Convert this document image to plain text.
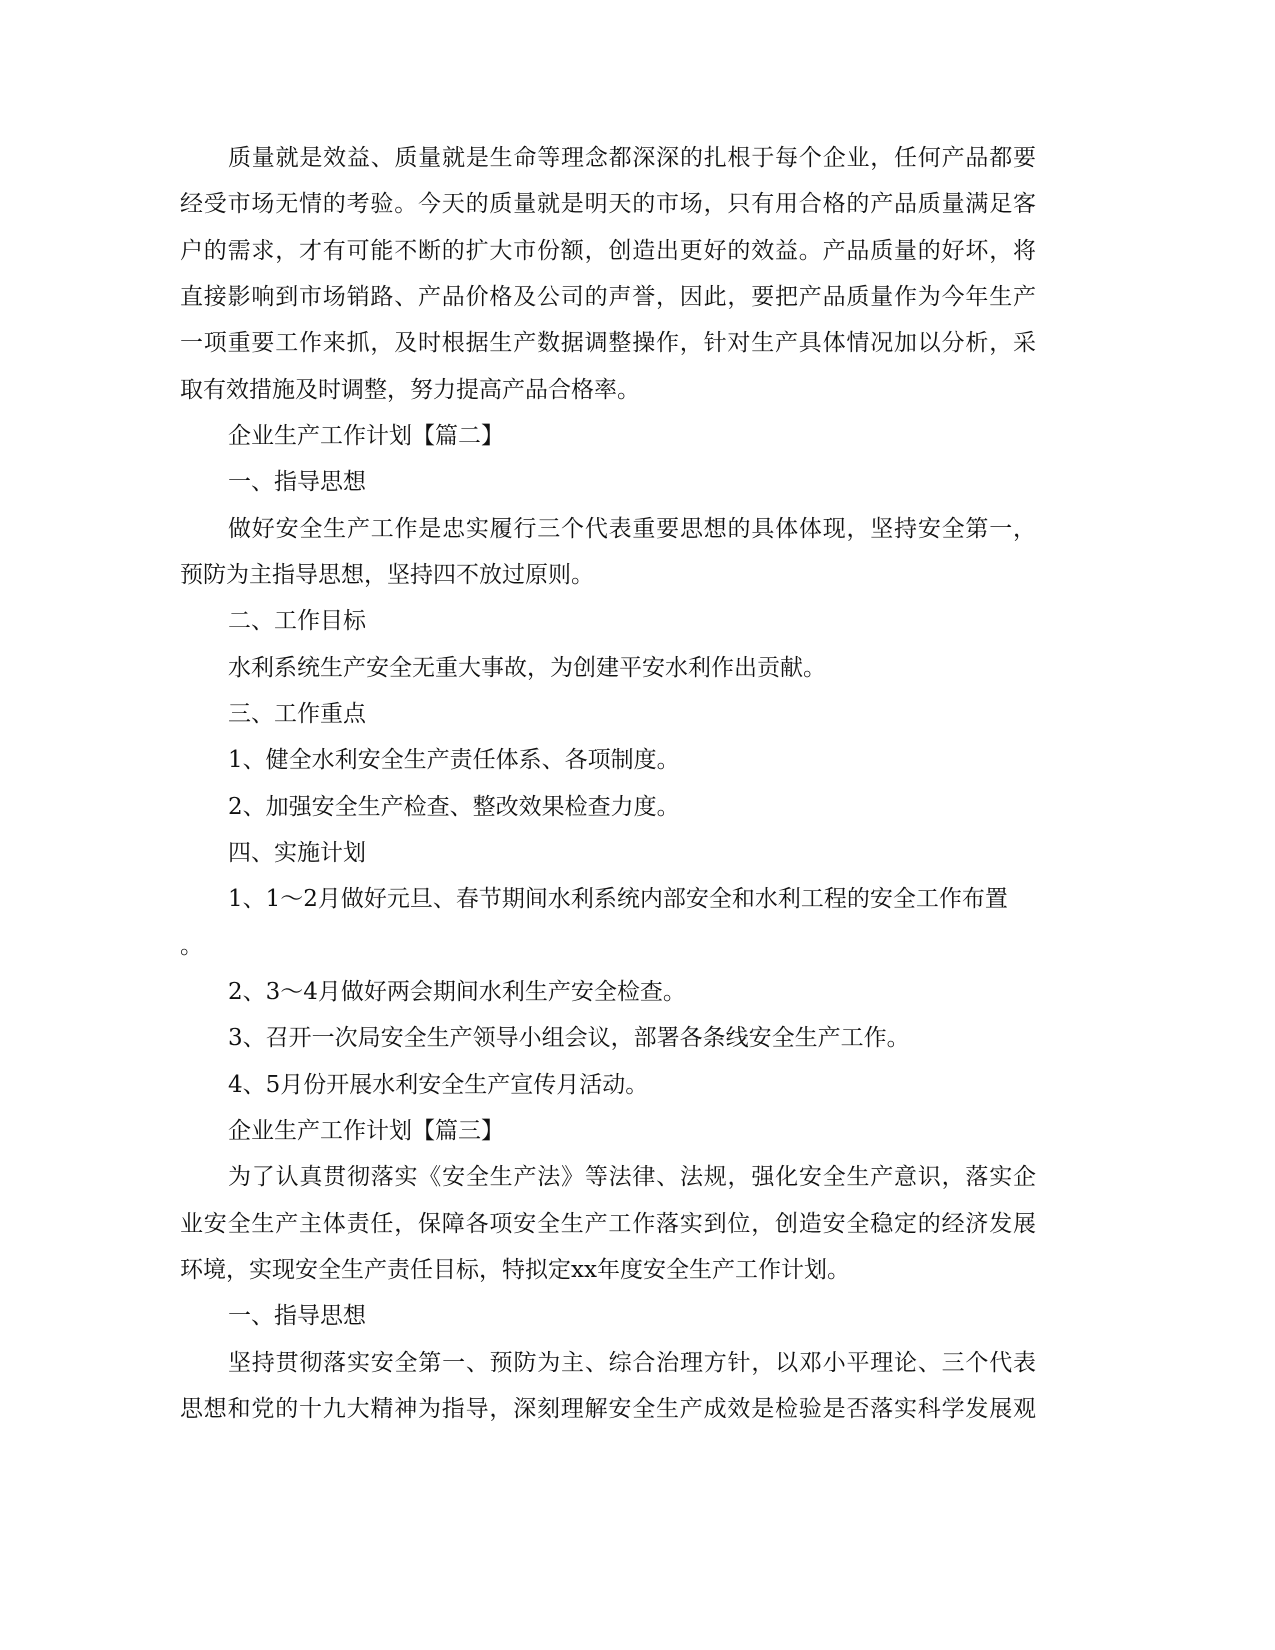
质量就是效益、质量就是生命等理念都深深的扎根于每个企业，任何产品都要
经受市场无情的考验。今天的质量就是明天的市场，只有用合格的产品质量满足客
户的需求，才有可能不断的扩大市份额，创造出更好的效益。产品质量的好坏，将
直接影响到市场销路、产品价格及公司的声誉，因此，要把产品质量作为今年生产
一项重要工作来抓，及时根据生产数据调整操作，针对生产具体情况加以分析，采
取有效措施及时调整，努力提高产品合格率。
企业生产工作计划【篇二】
一、指导思想
做好安全生产工作是忠实履行三个代表重要思想的具体体现，坚持安全第一，
预防为主指导思想，坚持四不放过原则。
二、工作目标
水利系统生产安全无重大事故，为创建平安水利作出贡献。
三、工作重点
1、健全水利安全生产责任体系、各项制度。
2、加强安全生产检查、整改效果检查力度。
四、实施计划
1、1～2月做好元旦、春节期间水利系统内部安全和水利工程的安全工作布置
。
2、3～4月做好两会期间水利生产安全检查。
3、召开一次局安全生产领导小组会议，部署各条线安全生产工作。
4、5月份开展水利安全生产宣传月活动。
企业生产工作计划【篇三】
为了认真贯彻落实《安全生产法》等法律、法规，强化安全生产意识，落实企
业安全生产主体责任，保障各项安全生产工作落实到位，创造安全稳定的经济发展
环境，实现安全生产责任目标，特拟定xx年度安全生产工作计划。
一、指导思想
坚持贯彻落实安全第一、预防为主、综合治理方针，以邓小平理论、三个代表
思想和党的十九大精神为指导，深刻理解安全生产成效是检验是否落实科学发展观
